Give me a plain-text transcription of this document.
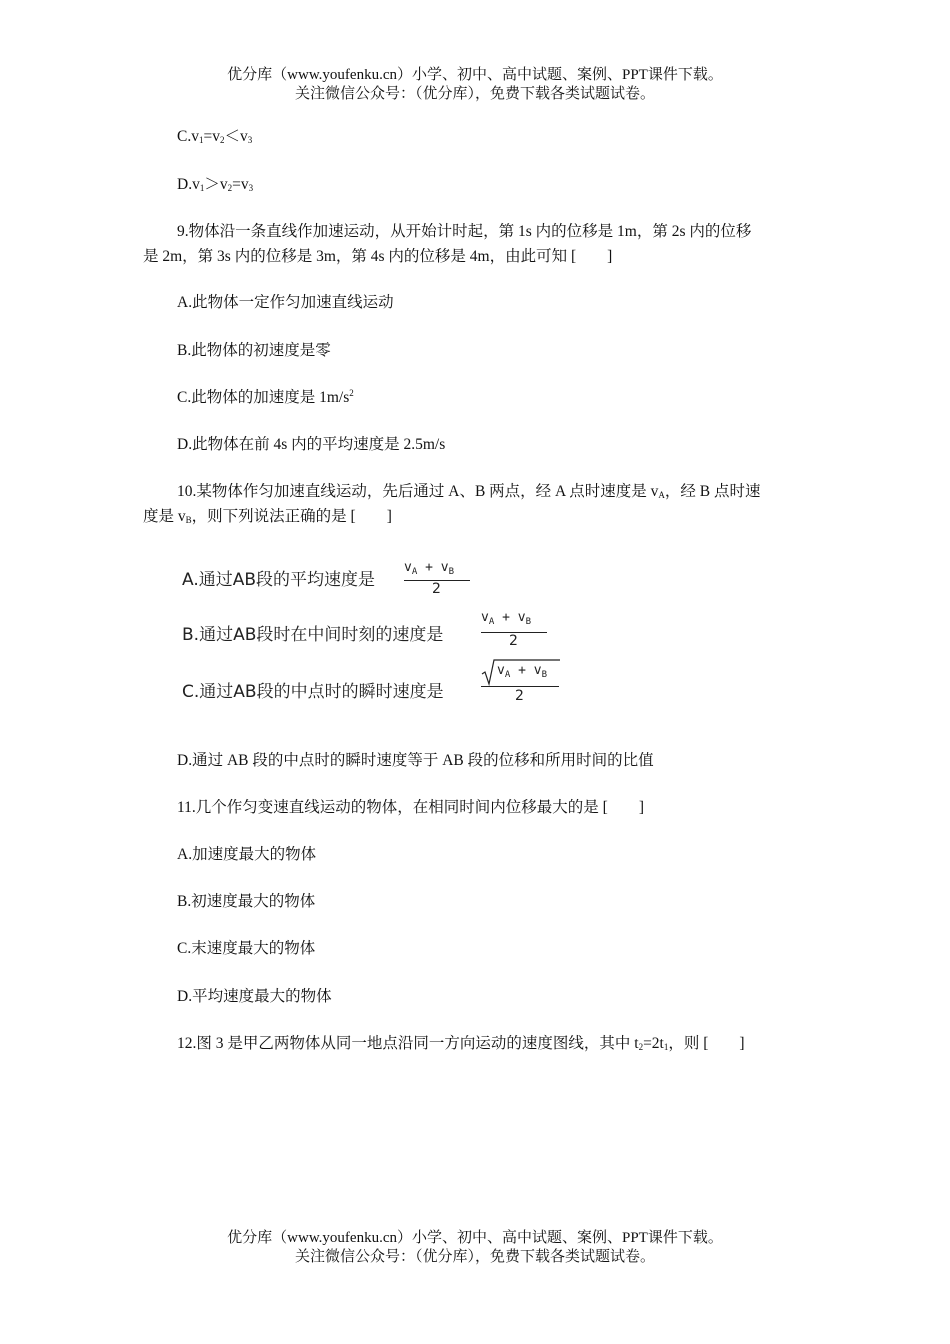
优分库（www.youfenku.cn）小学、初中、高中试题、案例、PPT课件下载。
关注微信公众号：（优分库），免费下载各类试题试卷。
$C.v_1=v_2<v_3$
$D.v_1>v_2=v_3$
9.物体沿一条直线作加速运动，从开始计时起，第 1s 内的位移是 1m，第 2s 内的位移
是 2m，第 3s 内的位移是 3m，第 4s 内的位移是 4m，由此可知 [　　]
A.此物体一定作匀加速直线运动
B.此物体的初速度是零
C.此物体的加速度是 $1m/s^2$
D.此物体在前 4s 内的平均速度是 2.5m/s
10.某物体作匀加速直线运动，先后通过 A、B 两点，经 A 点时速度是 $v_A$，经 B 点时速
度是 $v_B$，则下列说法正确的是 [　　]
A.通过AB段的平均速度是
$v_A + v_B$
2
B.通过AB段时在中间时刻的速度是
$v_A + v_B$
2
C.通过AB段的中点时的瞬时速度是
$v_A + v_B$
2
D.通过 AB 段的中点时的瞬时速度等于 AB 段的位移和所用时间的比值
11.几个作匀变速直线运动的物体，在相同时间内位移最大的是 [　　]
A.加速度最大的物体
B.初速度最大的物体
C.末速度最大的物体
D.平均速度最大的物体
12.图 3 是甲乙两物体从同一地点沿同一方向运动的速度图线，其中 $t_2=2t_1$，则 [　　]
优分库（www.youfenku.cn）小学、初中、高中试题、案例、PPT课件下载。
关注微信公众号：（优分库），免费下载各类试题试卷。
